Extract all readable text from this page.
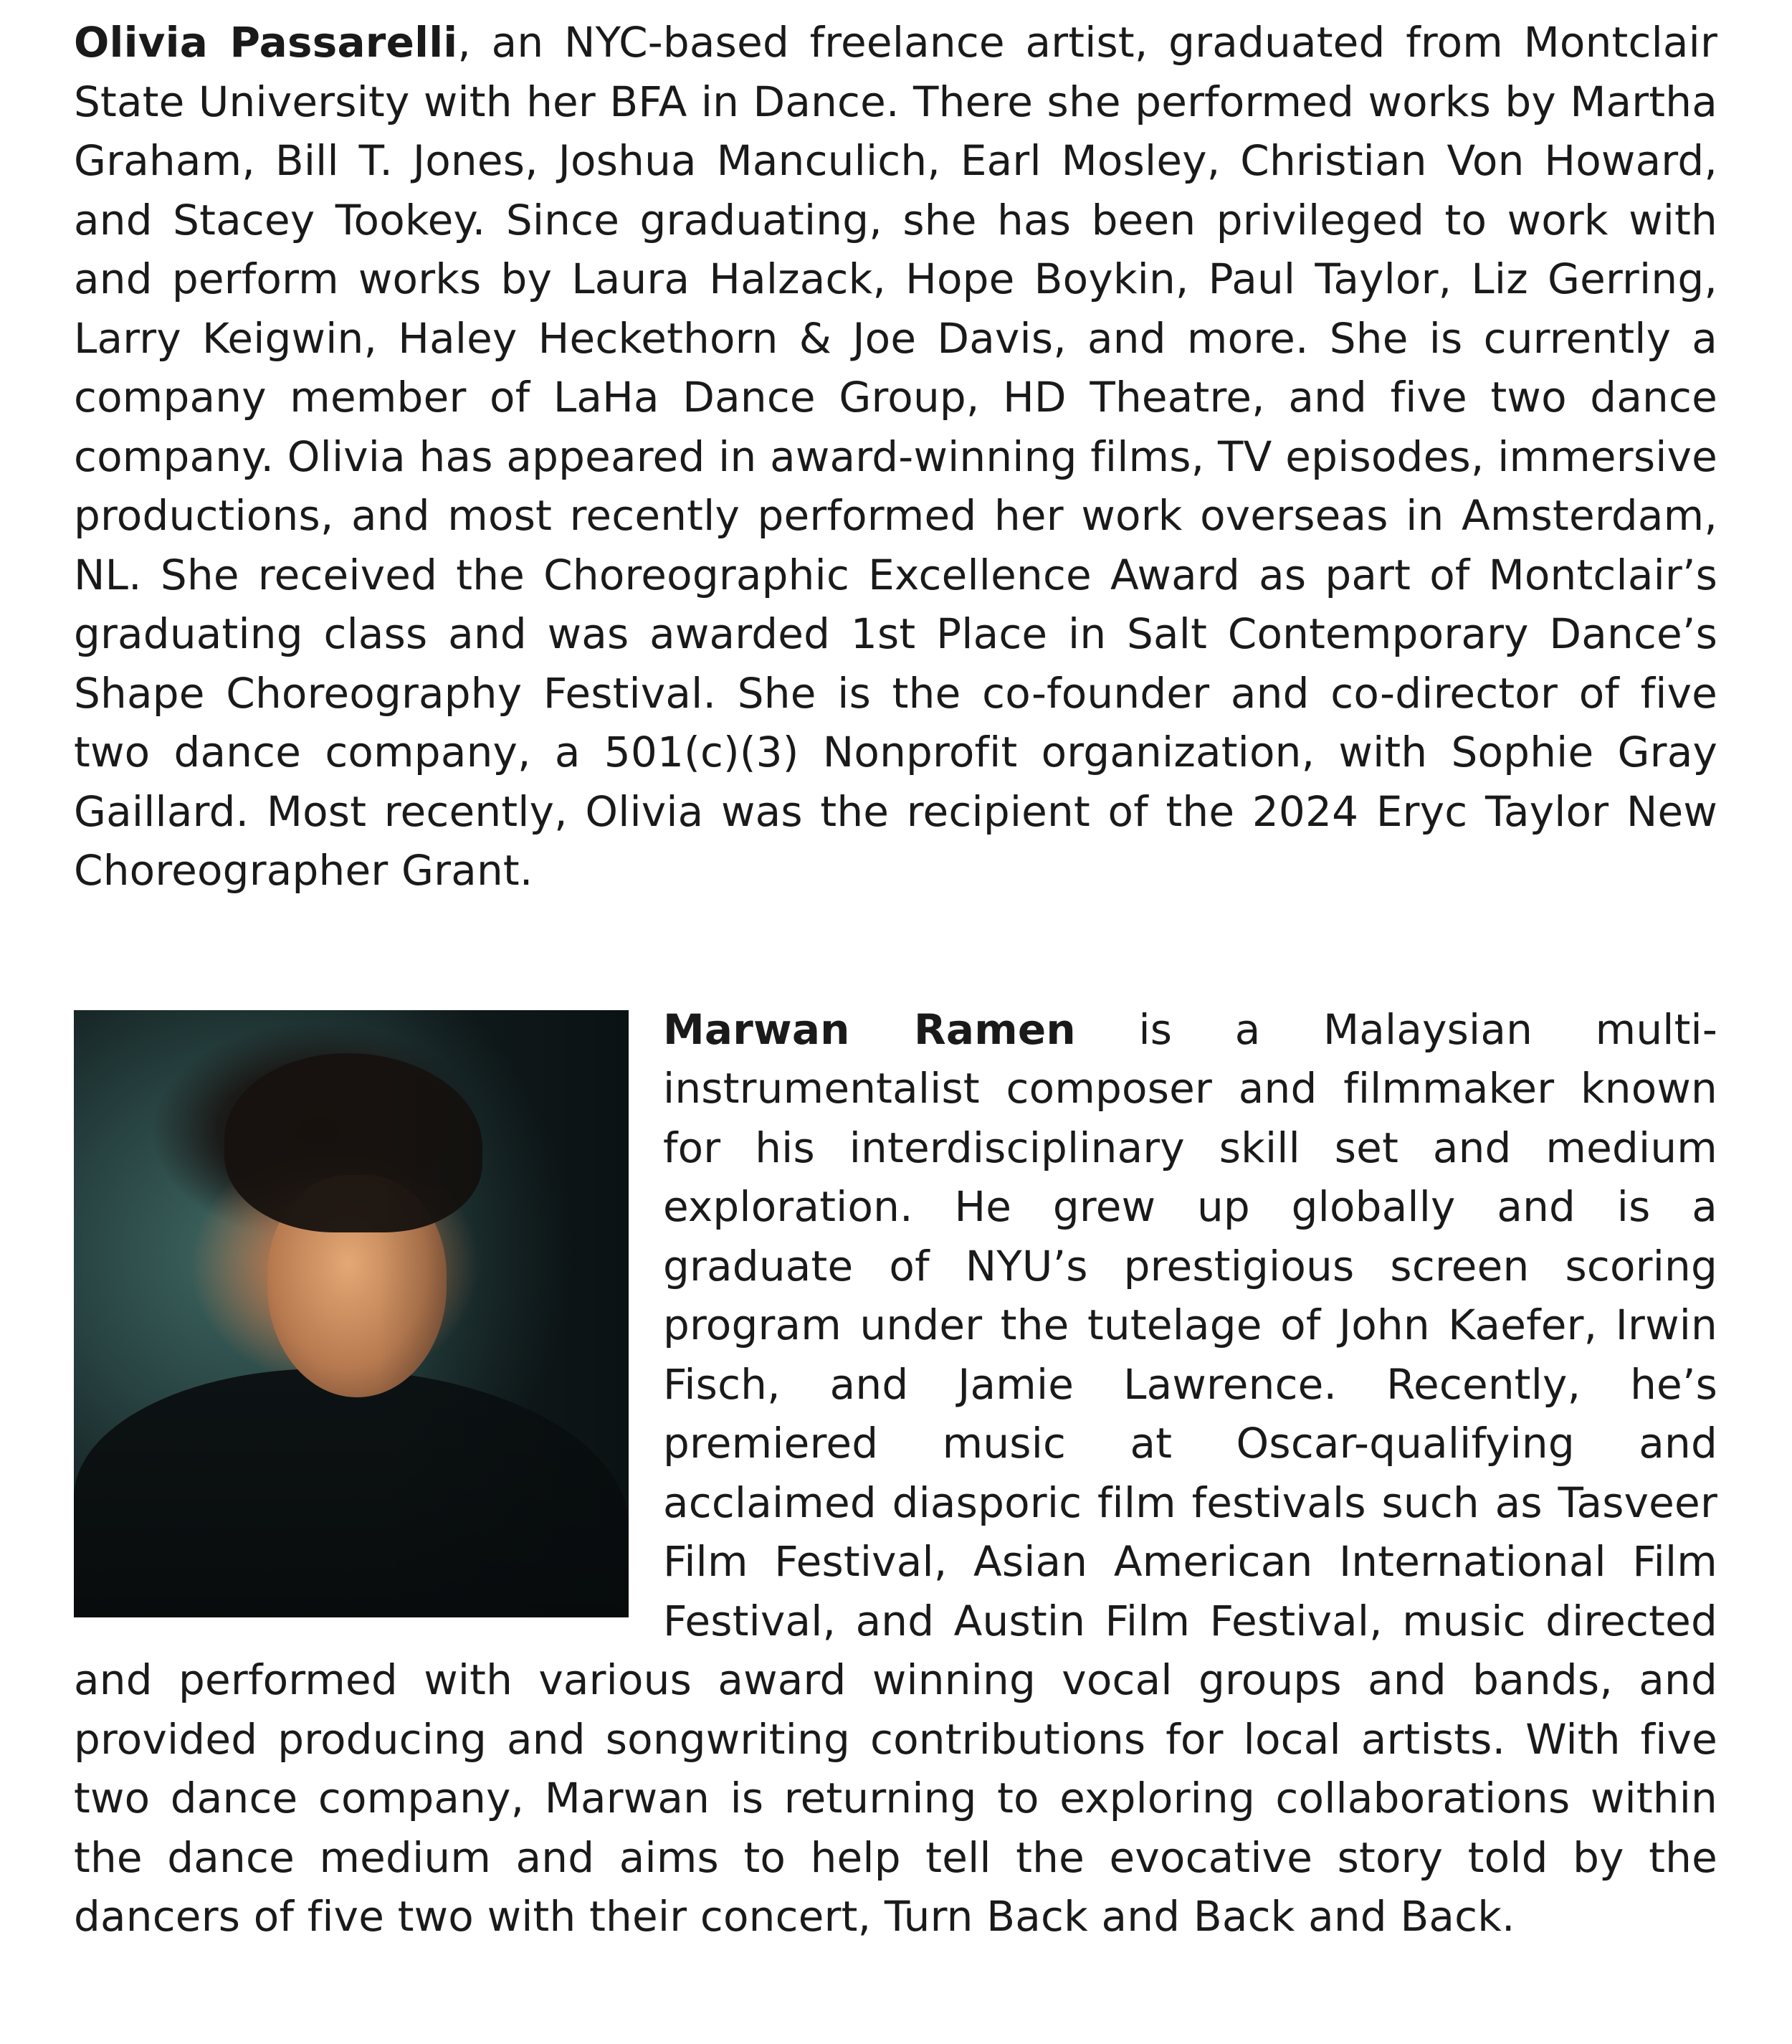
Olivia Passarelli, an NYC-based freelance artist, graduated from Montclair State University with her BFA in Dance. There she performed works by Martha Graham, Bill T. Jones, Joshua Manculich, Earl Mosley, Christian Von Howard, and Stacey Tookey. Since graduating, she has been privileged to work with and perform works by Laura Halzack, Hope Boykin, Paul Taylor, Liz Gerring, Larry Keigwin, Haley Heckethorn & Joe Davis, and more. She is currently a company member of LaHa Dance Group, HD Theatre, and five two dance company. Olivia has appeared in award-winning films, TV episodes, immersive productions, and most recently performed her work overseas in Amsterdam, NL. She received the Choreographic Excellence Award as part of Montclair’s graduating class and was awarded 1st Place in Salt Contemporary Dance’s Shape Choreography Festival. She is the co-founder and co-director of five two dance company, a 501(c)(3) Nonprofit organization, with Sophie Gray Gaillard. Most recently, Olivia was the recipient of the 2024 Eryc Taylor New Choreographer Grant.

Marwan Ramen is a Malaysian multi-instrumentalist composer and filmmaker known for his interdisciplinary skill set and medium exploration. He grew up globally and is a graduate of NYU’s prestigious screen scoring program under the tutelage of John Kaefer, Irwin Fisch, and Jamie Lawrence. Recently, he’s premiered music at Oscar-qualifying and acclaimed diasporic film festivals such as Tasveer Film Festival, Asian American International Film Festival, and Austin Film Festival, music directed and performed with various award winning vocal groups and bands, and provided producing and songwriting contributions for local artists. With five two dance company, Marwan is returning to exploring collaborations within the dance medium and aims to help tell the evocative story told by the dancers of five two with their concert, Turn Back and Back and Back.
